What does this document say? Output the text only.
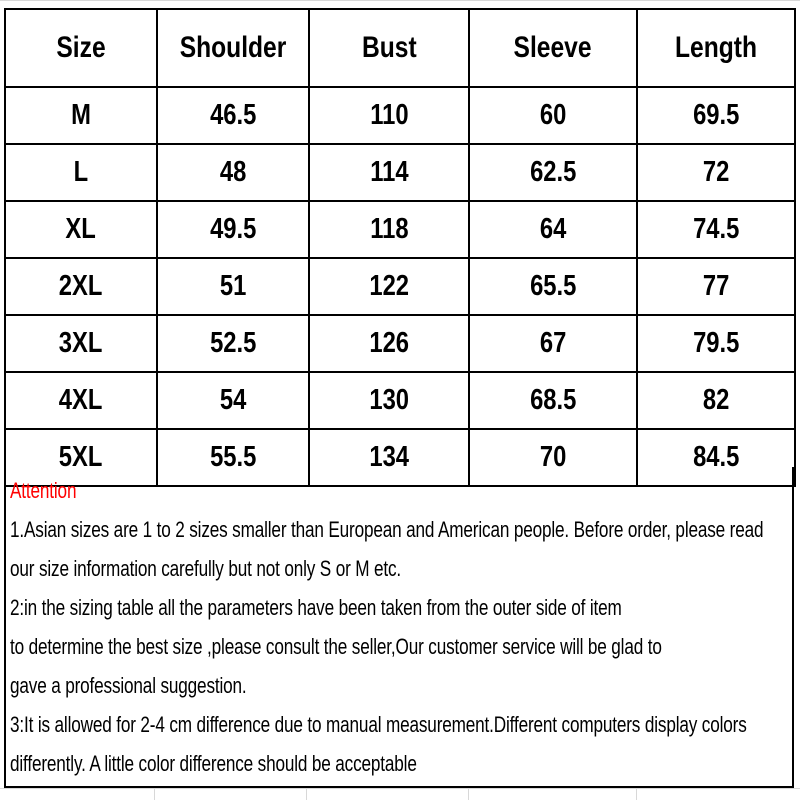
Size	Shoulder	Bust	Sleeve	Length
M	46.5	110	60	69.5
L	48	114	62.5	72
XL	49.5	118	64	74.5
2XL	51	122	65.5	77
3XL	52.5	126	67	79.5
4XL	54	130	68.5	82
5XL	55.5	134	70	84.5
Attention
1.Asian sizes are 1 to 2 sizes smaller than European and American people. Before order, please read
our size information carefully but not only S or M etc.
2:in the sizing table all the parameters have been taken from the outer side of item
to determine the best size ,please consult the seller,Our customer service will be glad to
gave a professional suggestion.
3:It is allowed for 2-4 cm difference due to manual measurement.Different computers display colors
differently. A little color difference should be acceptable
